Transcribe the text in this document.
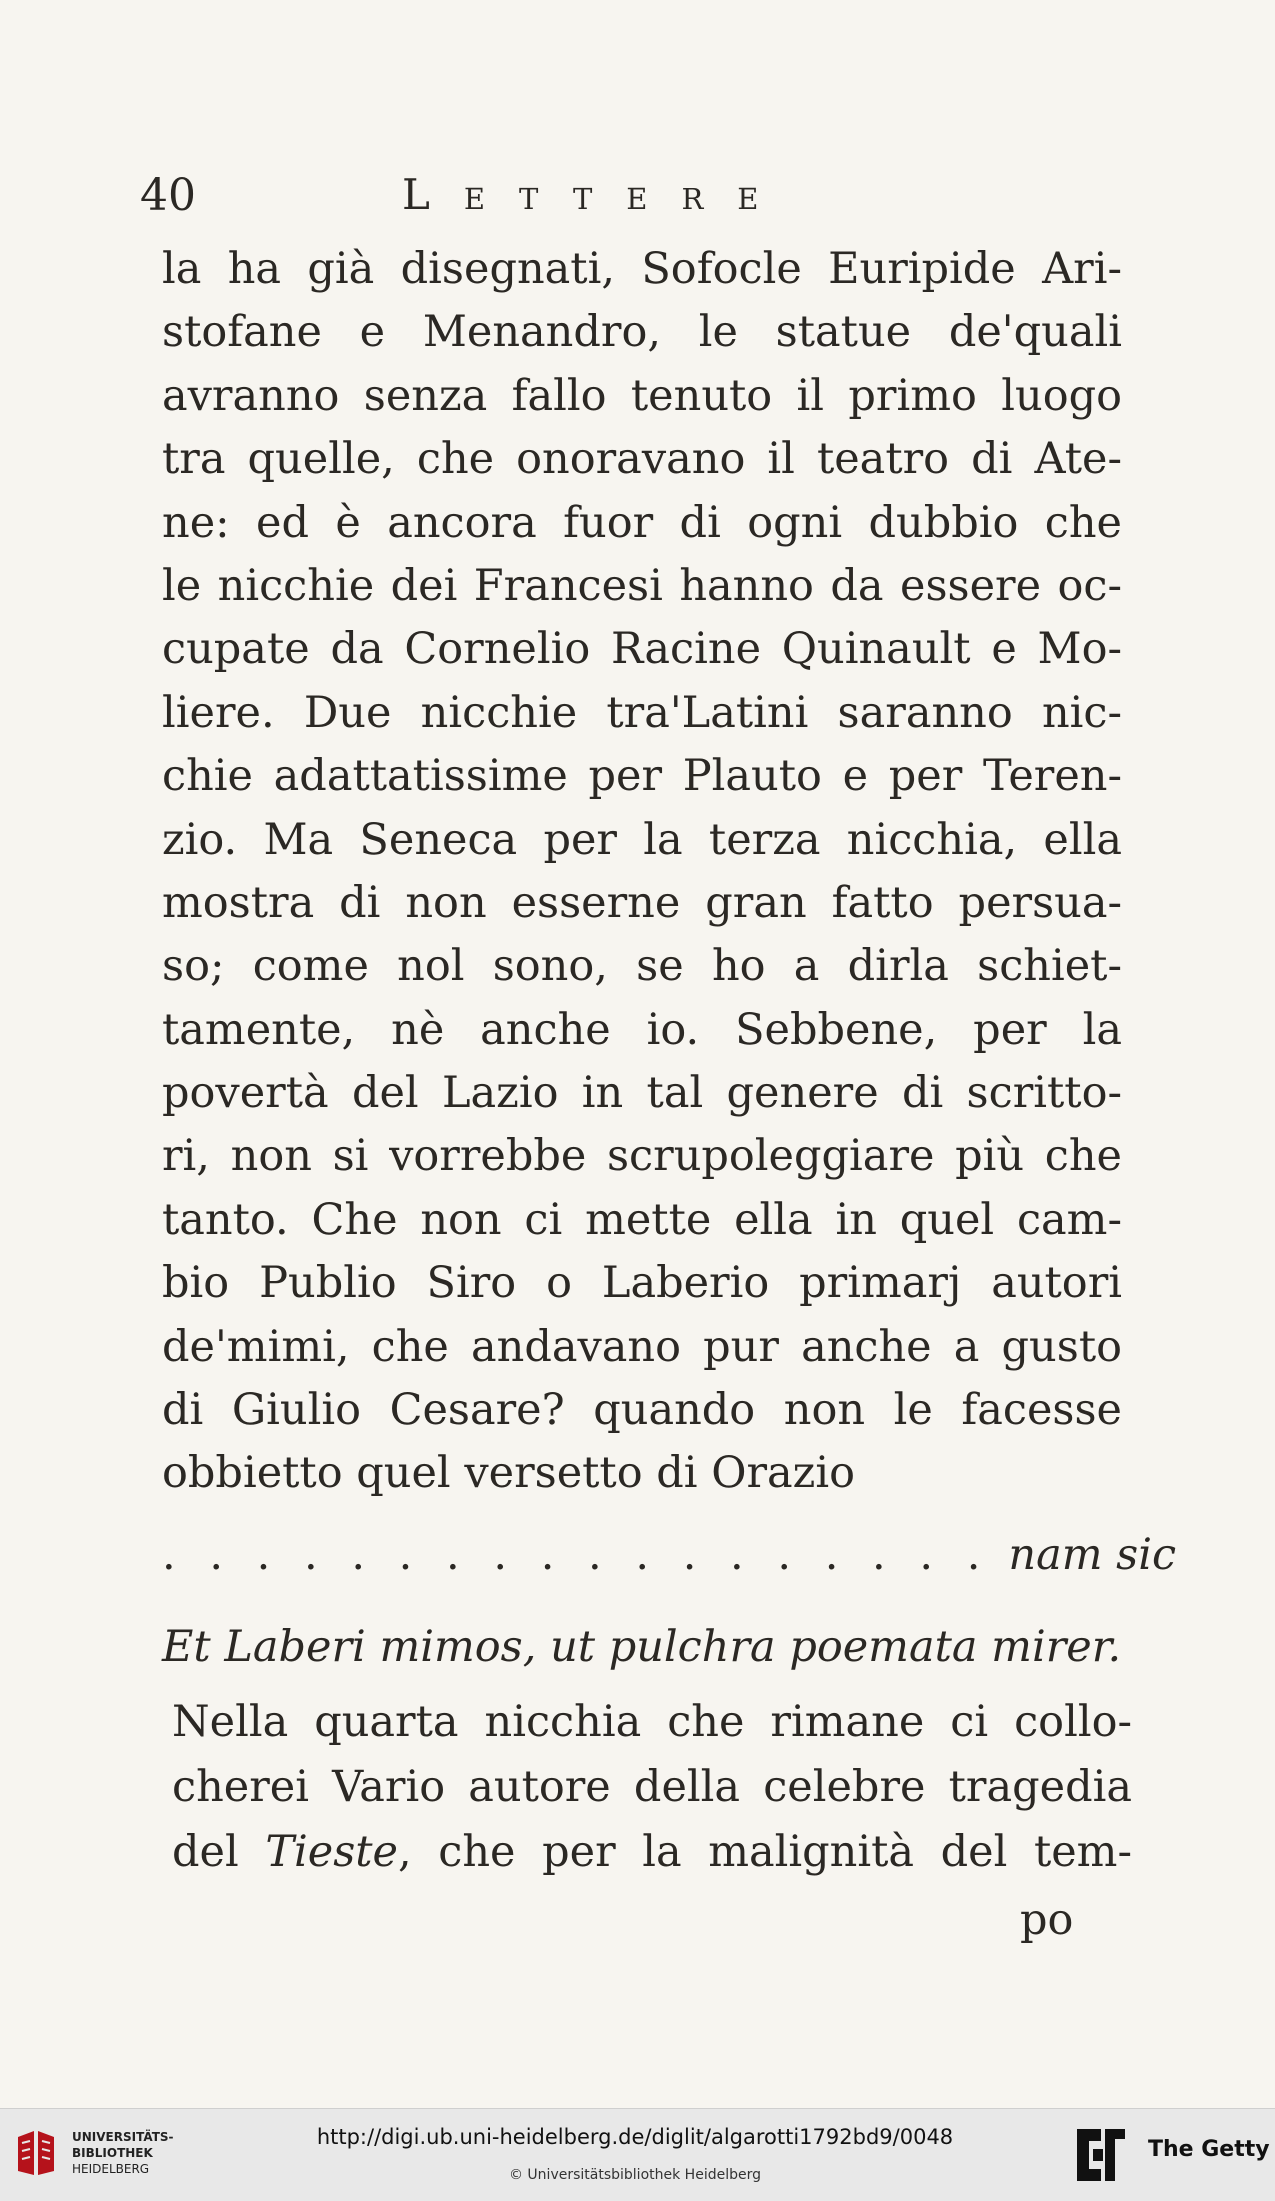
40	Lettere
la ha già disegnati, Sofocle Euripide Ari-
stofane e Menandro, le statue de'quali
avranno senza fallo tenuto il primo luogo
tra quelle, che onoravano il teatro di Ate-
ne: ed è ancora fuor di ogni dubbio che
le nicchie dei Francesi hanno da essere oc-
cupate da Cornelio Racine Quinault e Mo-
liere. Due nicchie tra'Latini saranno nic-
chie adattatissime per Plauto e per Teren-
zio. Ma Seneca per la terza nicchia, ella
mostra di non esserne gran fatto persua-
so; come nol sono, se ho a dirla schiet-
tamente, nè anche io. Sebbene, per la
povertà del Lazio in tal genere di scritto-
ri, non si vorrebbe scrupoleggiare più che
tanto. Che non ci mette ella in quel cam-
bio Publio Siro o Laberio primarj autori
de'mimi, che andavano pur anche a gusto
di Giulio Cesare? quando non le facesse
obbietto quel versetto di Orazio
. . . . . . . . . . . . . . . . . . nam sic
Et Laberi mimos, ut pulchra poemata mirer.
Nella quarta nicchia che rimane ci collo-
cherei Vario autore della celebre tragedia
del Tieste, che per la malignità del tem-
po
UNIVERSITÄTS-
BIBLIOTHEK
HEIDELBERG
http://digi.ub.uni-heidelberg.de/diglit/algarotti1792bd9/0048
© Universitätsbibliothek Heidelberg
The Getty
